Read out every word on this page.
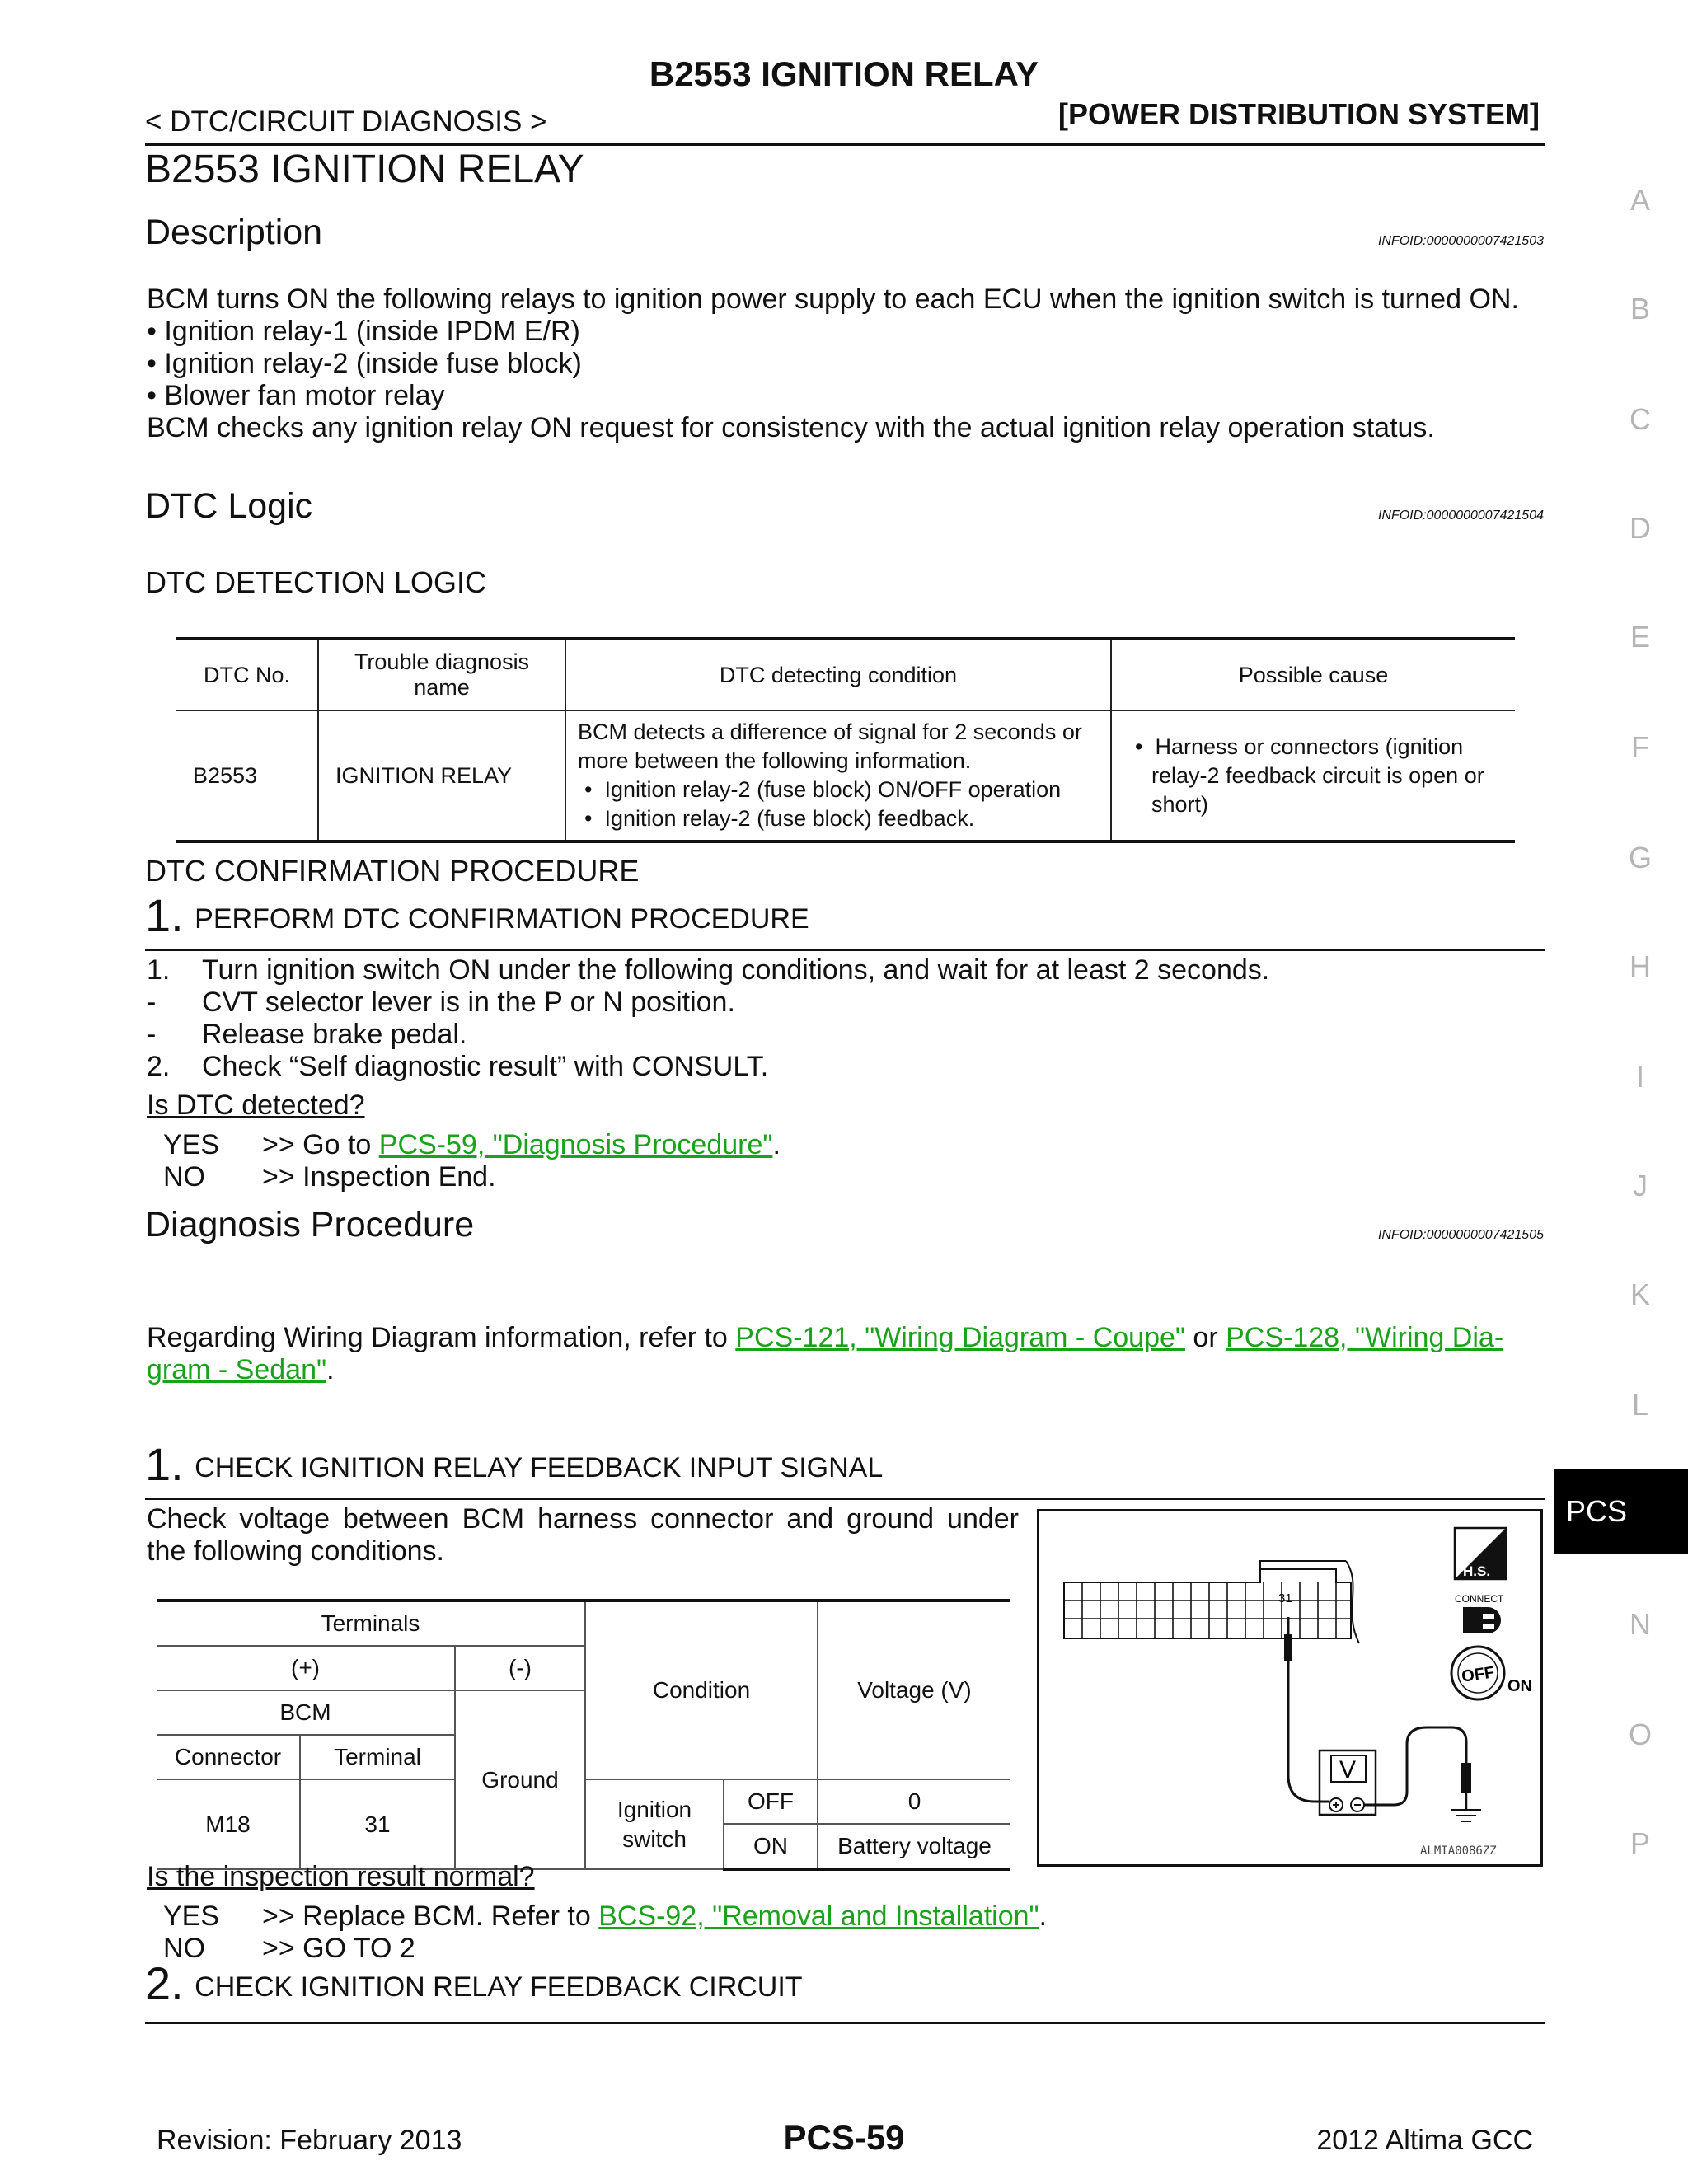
B2553 IGNITION RELAY
< DTC/CIRCUIT DIAGNOSIS >	[POWER DISTRIBUTION SYSTEM]
B2553 IGNITION RELAY
Description	INFOID:0000000007421503
BCM turns ON the following relays to ignition power supply to each ECU when the ignition switch is turned ON.
• Ignition relay-1 (inside IPDM E/R)
• Ignition relay-2 (inside fuse block)
• Blower fan motor relay
BCM checks any ignition relay ON request for consistency with the actual ignition relay operation status.
DTC Logic	INFOID:0000000007421504
DTC DETECTION LOGIC
DTC No.	Trouble diagnosis name	DTC detecting condition	Possible cause
B2553	IGNITION RELAY	BCM detects a difference of signal for 2 seconds or more between the following information.

•  Ignition relay-2 (fuse block) ON/OFF operation

•  Ignition relay-2 (fuse block) feedback.	•  Harness or connectors (ignition relay-2 feedback circuit is open or short)

DTC CONFIRMATION PROCEDURE
1. PERFORM DTC CONFIRMATION PROCEDURE
1.	Turn ignition switch ON under the following conditions, and wait for at least 2 seconds.
-	CVT selector lever is in the P or N position.
-	Release brake pedal.
2.	Check “Self diagnostic result” with CONSULT.
Is DTC detected?
YES	>> Go to PCS-59, "Diagnosis Procedure".
NO	>> Inspection End.
Diagnosis Procedure	INFOID:0000000007421505
Regarding Wiring Diagram information, refer to PCS-121, "Wiring Diagram - Coupe" or PCS-128, "Wiring Dia-
gram - Sedan".
1. CHECK IGNITION RELAY FEEDBACK INPUT SIGNAL
Check voltage between BCM harness connector and ground under the following conditions.
Terminals			Condition		Voltage (V)
(+)		(-)			
BCM		Ground			
Connector	Terminal				
M18	31		Ignition switch	OFF	0
				ON	Battery voltage
31
V
H.S.
CONNECT
OFF
ON
ALMIA0086ZZ
Is the inspection result normal?
YES	>> Replace BCM. Refer to BCS-92, "Removal and Installation".
NO	>> GO TO 2
2. CHECK IGNITION RELAY FEEDBACK CIRCUIT
A
B
C
D
E
F
G
H
I
J
K
L
PCS
N
O
P
Revision: February 2013	PCS-59	2012 Altima GCC
